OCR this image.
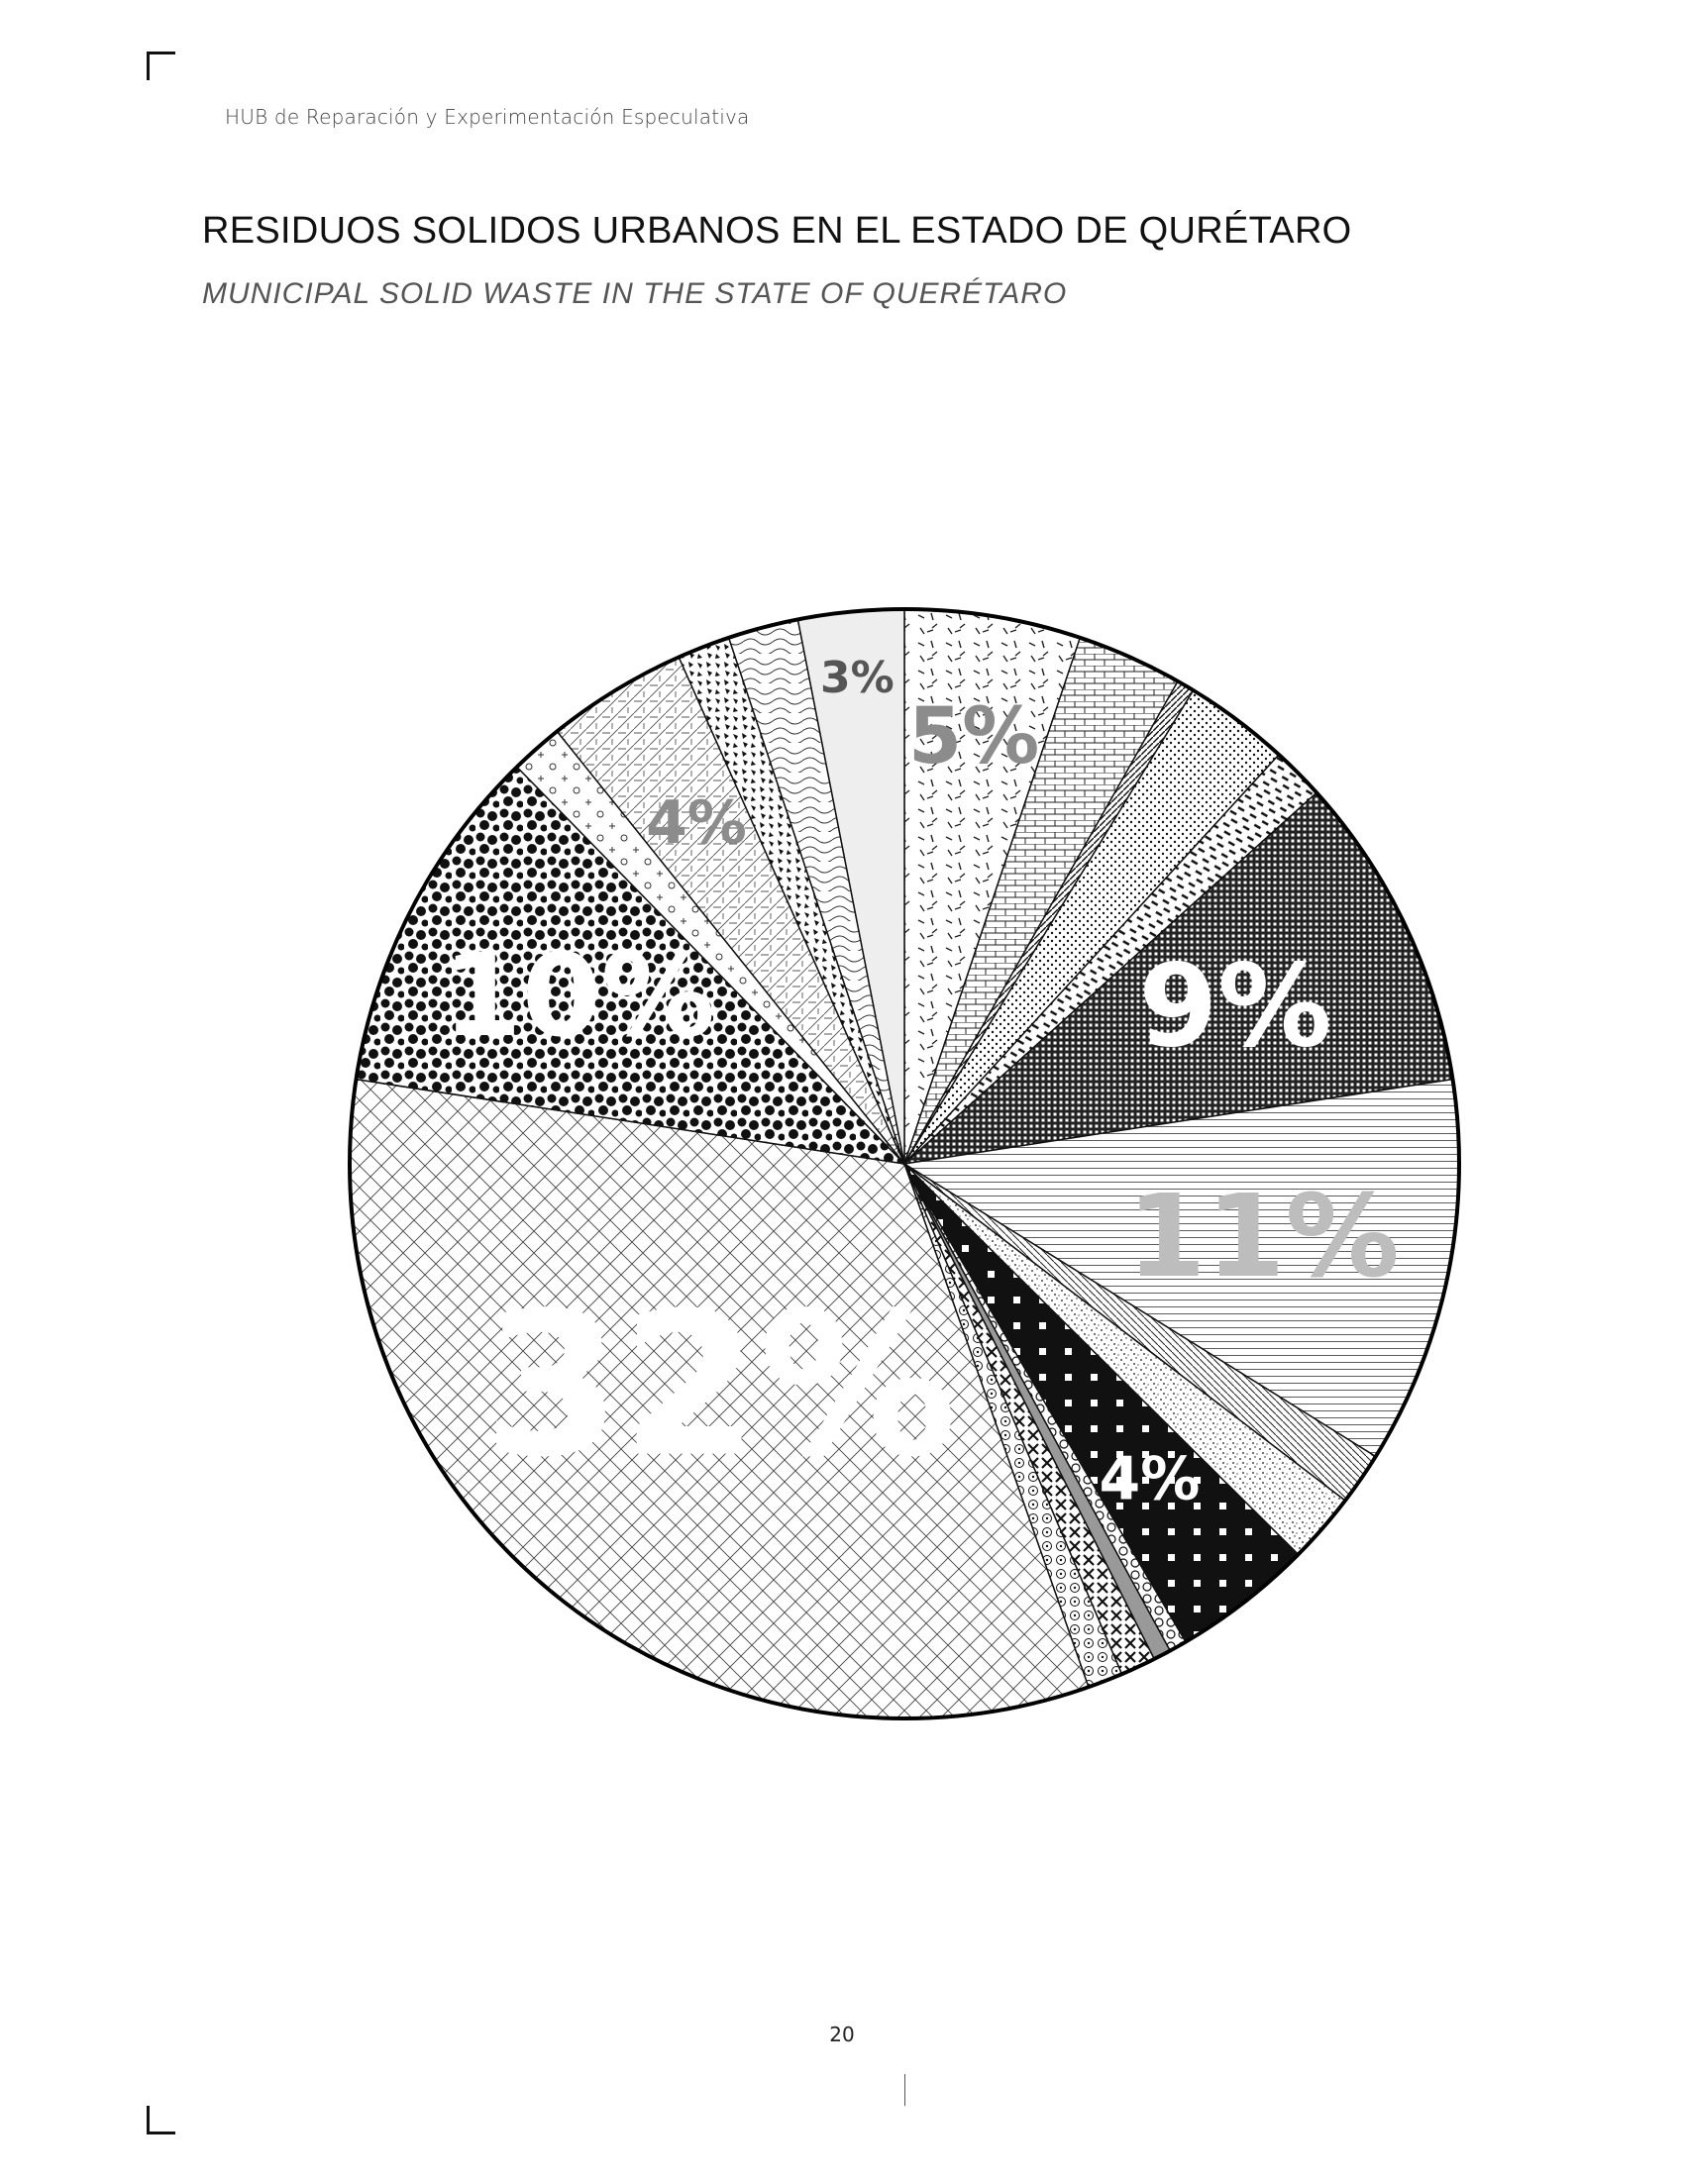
HUB de Reparación y Experimentación Especulativa
RESIDUOS SOLIDOS URBANOS EN EL ESTADO DE QURÉTARO
MUNICIPAL SOLID WASTE IN THE STATE OF QUERÉTARO
5%
9%
11%
4%
32%
10%
4%
3%
20
